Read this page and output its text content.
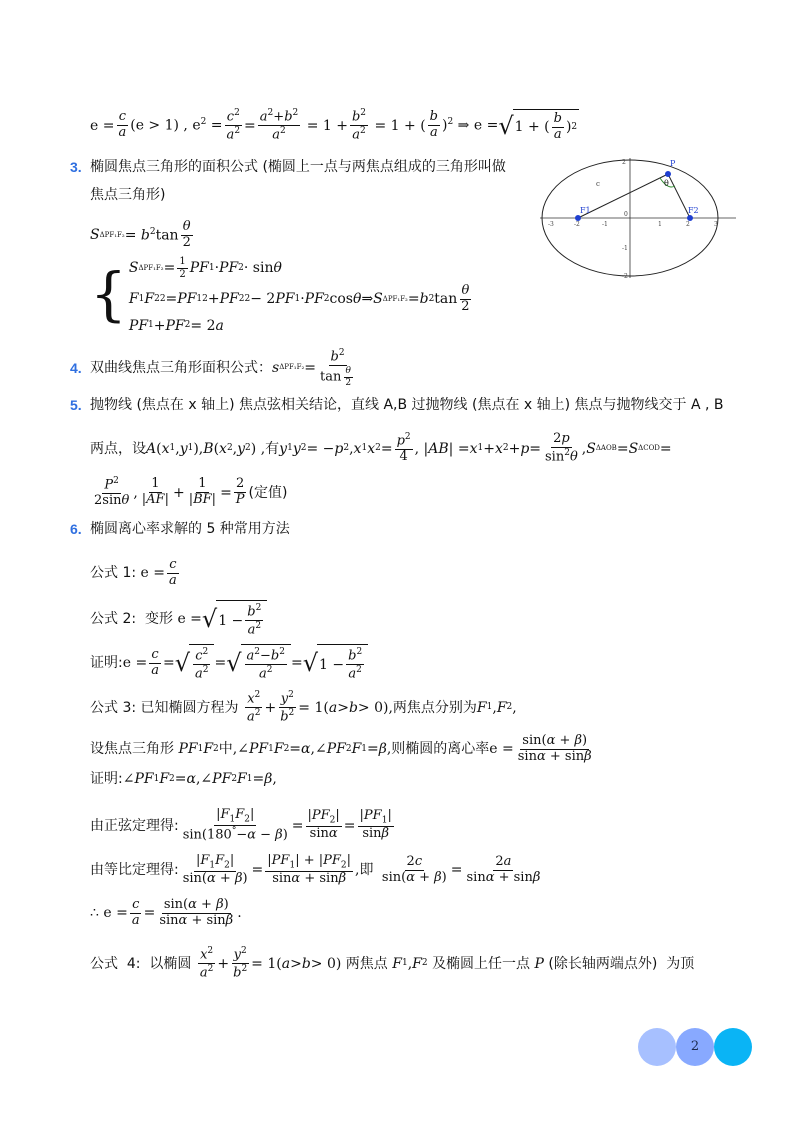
$e = \frac{c}{a} (e > 1)$ , $e^2 = \frac{c^2}{a^2} = \frac{a^2+b^2}{a^2} = 1 + \frac{b^2}{a^2} = 1$ + ( $\frac{b}{a} )^2$ ⇒ e = √ 1 + ( $\frac{b}{a}$ ) 2
3. 椭圆焦点三角形的面积公式 (椭圆上一点与两焦点组成的三角形叫做
焦点三角形)
S $\Delta PF_1F_2 = b^2\tan \frac{\theta}{2}$
{ S $\Delta PF_1F_2 = \frac{1}{2}$ PF 1 · PF 2 · sin θ
F 1 F 2 2 = PF 1 2 + PF 2 2 − 2 PF 1 · PF 2 cos θ ⇒ S ΔPF₁F₂ = b 2 $\tan \frac{\theta}{2}$
PF 1 + PF 2 = 2 a
P
F1	F2
θ
c
0
-3	-2	-1	1	2	3
2
-1
-2
4. 双曲线焦点三角形面积公式： s $\Delta PF_1F_2 = \frac{b^2}{\tan \frac{\theta}{2}}$
5. 抛物线 (焦点在 x 轴上) 焦点弦相关结论，直线 A,B 过抛物线 (焦点在 x 轴上) 焦点与抛物线交于 A , B
两点，设 A ( x 1 , y 1 ), B ( x 2 , y 2 ) , 有 y 1 y 2 = − p 2 , x 1 x $2 = \frac{p^2}{4}$ , | AB | = x 1 + x $2 + p = \frac{2p}{\sin^2\theta}$ , S ΔAOB = S ΔCOD =
$\frac{P^2}{2\sin\theta}$ , $\frac{1}{|AF|} + \frac{1}{|BF|} = \frac{2}{P}$ (定值)
6. 椭圆离心率求解的 5 种常用方法
公式 1: $e = \frac{c}{a}$
公式 2:  变形 e = √ $1 - \frac{b^2}{a^2}$
证明: $e = \frac{c}{a}$ = √ $\frac{c^2}{a^2}$ = √ $\frac{a^2-b^2}{a^2}$ = √ $1 - \frac{b^2}{a^2}$
公式 3: 已知椭圆方程为 $\frac{x^2}{a^2} + \frac{y^2}{b^2} = 1$( a > b > 0), 两焦点分别为 F 1 , F 2 ,
设焦点三角形
PF 1 F 2 中 ,∠ PF 1 F 2 = α ,∠ PF 2 F 1 = β , 则椭圆的离心率 $e = \frac{\sin(\alpha + \beta)}{\sin\alpha + \sin\beta}$
证明: ∠ PF 1 F 2 = α ,∠ PF 2 F 1 = β ,
由正弦定理得: $\frac{|F_1F_2|}{\sin(180^\circ-\alpha - \beta)} = \frac{|PF_2|}{\sin\alpha} = \frac{|PF_1|}{\sin\beta}$
由等比定理得: $\frac{|F_1F_2|}{\sin(\alpha + \beta)} = \frac{|PF_1| + |PF_2|}{\sin\alpha + \sin\beta}$ , 即
$\frac{2c}{\sin(\alpha + \beta)} = \frac{2a}{\sin\alpha + \sin\beta}$
∴ $e = \frac{c}{a} = \frac{\sin(\alpha + \beta)}{\sin\alpha + \sin\beta}$ .
公式  4:  以椭圆 $\frac{x^2}{a^2} + \frac{y^2}{b^2} = 1$( a > b > 0) 两焦点
F 1 , F 2
及椭圆上任一点
P
(除长轴两端点外)  为顶
2
